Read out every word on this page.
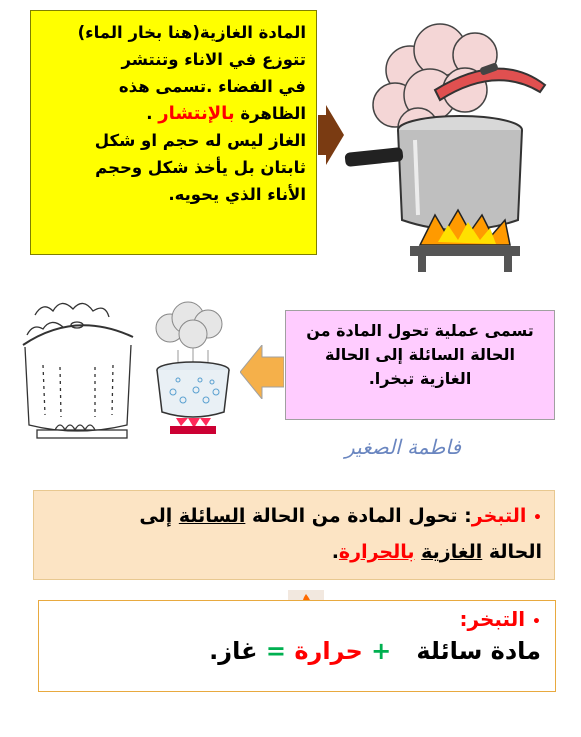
المادة الغازية(هنا بخار الماء)
تتوزع في الاناء وتنتشر
في الفضاء .تسمى هذه
الظاهرة بالإنتشار .
الغاز ليس له حجم او شكل
ثابتان بل يأخذ شكل وحجم
الأناء الذي يحويه.
تسمى عملية تحول المادة من
الحالة السائلة إلى الحالة
الغازية تبخرا.
فاطمة الصغير
• التبخر: تحول المادة من الحالة السائلة إلى
الحالة الغازية بالحرارة.
• التبخر:
مادة سائلة   + حرارة = غاز.
